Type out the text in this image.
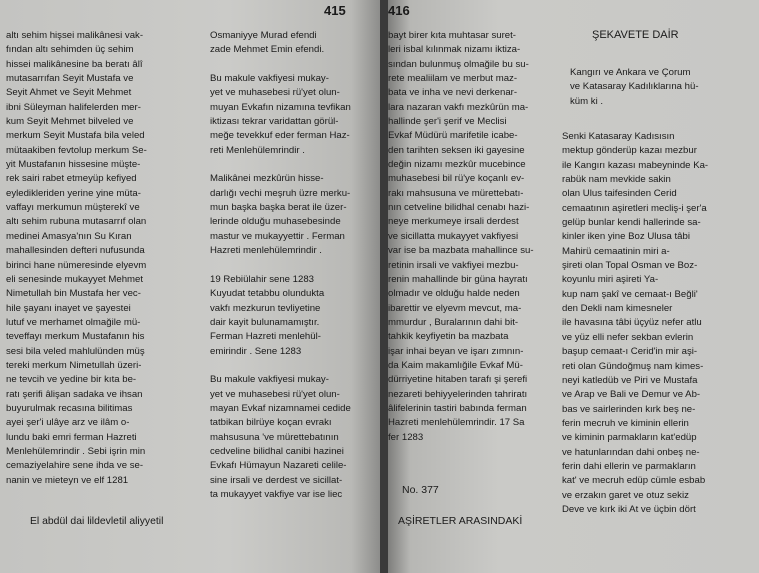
415
altı sehim hişsei malikânesi vak-
fından altı sehimden üç sehim
hissei malikânesine ba beratı âlî
mutasarrıfan Seyit Mustafa ve
Seyit Ahmet ve Seyit Mehmet
ibni Süleyman halifelerden mer-
kum Seyit Mehmet bilveled ve
merkum Seyit Mustafa bila veled
mütaakiben fevtolup merkum Se-
yit Mustafanın hissesine müşte-
rek sairi rabet etmeyüp kefiyed
eyledikleriden yerine yine müta-
vaffayı merkumun müşterekî ve
altı sehim rubuna mutasarrıf olan
medinei Amasya'nın Su Kıran
mahallesinden defteri nufusunda
birinci hane nümeresinde elyevm
eli senesinde mukayyet Mehmet
Nimetullah bin Mustafa her vec-
hile şayanı inayet ve şayestei
lutuf ve merhamet olmağile mü-
teveffayı merkum Mustafanın his
sesi bila veled mahlulünden müş
tereki merkum Nimetullah üzeri-
ne tevcih ve yedine bir kıta be-
ratı şerifi âlişan sadaka ve ihsan
buyurulmak recasına bilitimas
ayei şer'i ulâye arz ve ilâm o-
lundu baki emri ferman Hazreti
Menlehülemrindir . Sebi işrin min
cemaziyelahire sene ihda ve se-
nanin ve mieteyn ve elf 1281
El abdül dai lildevletil aliyyetil
Osmaniyye Murad efendi
zade Mehmet Emin efendi.
Bu makule vakfiyesi mukay-
yet ve muhasebesi rü'yet olun-
muyan Evkafın nizamına tevfikan
iktizası tekrar varidattan görül-
meğe tevekkuf eder ferman Haz-
reti Menlehülemrindir .
Malikânei mezkûrün hisse-
darlığı vechi meşruh üzre merku-
mun başka başka berat ile üzer-
lerinde olduğu muhasebesinde
mastur ve mukayyettir . Ferman
Hazreti menlehülemrindir .
19 Rebiülahir sene 1283
Kuyudat tetabbu olundukta
vakfı mezkurun tevliyetine
dair kayit bulunamamıştır.
Ferman Hazreti menlehül-
emirindir . Sene 1283
Bu makule vakfiyesi mukay-
yet ve muhasebesi rü'yet olun-
mayan Evkaf nizamnamei cedide
tatbikan bilrüyе koçan evrakı
mahsusuna 've mürettebatının
cedveline bilidhal canibi hazinei
Evkafı Hümayun Nazareti celile-
sine irsali ve derdest ve sicillat-
ta mukayyet vakfiye var ise liec
416
bayt birer kıta muhtasar suret-
leri isbal kılınmak nizamı iktiza-
sından bulunmuş olmağile bu su-
rete mealiilam ve merbut maz-
bata ve inha ve nevi derkenar-
lara nazaran vakfı mezkûrün ma-
hallinde şer'i şerif ve Meclisi
Evkaf Müdürü marifetile icabe-
den tarihten seksen iki gayesine
değin nizamı mezkûr mucebince
muhasebesi bil rü'ye koçanlı ev-
rakı mahsusuna ve mürettebatı-
nın cetveline bilidhal cenabı hazi-
neye merkumeye irsali derdest
ve sicillatta mukayyet vakfiyesi
var ise ba mazbata mahallince su-
retinin irsali ve vakfiyei mezbu-
renin mahallinde bir güna hayratı
olmadır ve olduğu halde neden
ibarettir ve elyevm mevcut, ma-
mmurdur , Buralarının dahi bit-
tahkik keyfiyetin ba mazbata
işar inhai beyan ve işarı zımnın-
da Kaim makamlığile Evkaf Mü-
dürriyetine hitaben tarafı şi şerefi
nezareti behiyyelerinden tahriratı
âlifelerinin tastiri babında ferman
Hazreti menlehülemrindir. 17 Sa
fer 1283
No. 377
AŞİRETLER ARASINDAKİ
ŞEKAVETE DAİR
Kangırı ve Ankara ve Çorum
ve Katasaray Kadılıklarına hü-
küm ki .
Senki Katasaray Kadısısın
mektup gönderüp kazaı mezbur
ile Kangırı kazası mabeyninde Ka-
rabük nam mevkide sakin
olan Ulus taifesinden Cerid
cemaatının aşiretleri mecliş-i şer'a
gelüp bunlar kendi hallerinde sa-
kinler iken yine Boz Ulusa tâbi
Mahirü cemaatinin miri a-
şireti olan Topal Osman ve Boz-
koyunlu miri aşireti Ya-
kup nam şakî ve cemaat-ı Beğli'
den Dekli nam kimesneler
ile havasına tâbi üçyüz nefer atlu
ve yüz elli nefer sekban evlerin
başup cemaat-ı Cerid'in mir aşi-
reti olan Gündoğmuş nam kimes-
neyi katledüb ve Piri ve Mustafa
ve Arap ve Bali ve Demur ve Ab-
bas ve sairlerinden kırk beş ne-
ferin mecruh ve kiminin ellerin
ve kiminin parmakların kat'edüp
ve hatunlarından dahi onbeş ne-
ferin dahi ellerin ve parmakların
kat' ve mecruh edüp cümle esbab
ve erzakın garet ve otuz sekiz
Deve ve kırk iki At ve üçbin dört
